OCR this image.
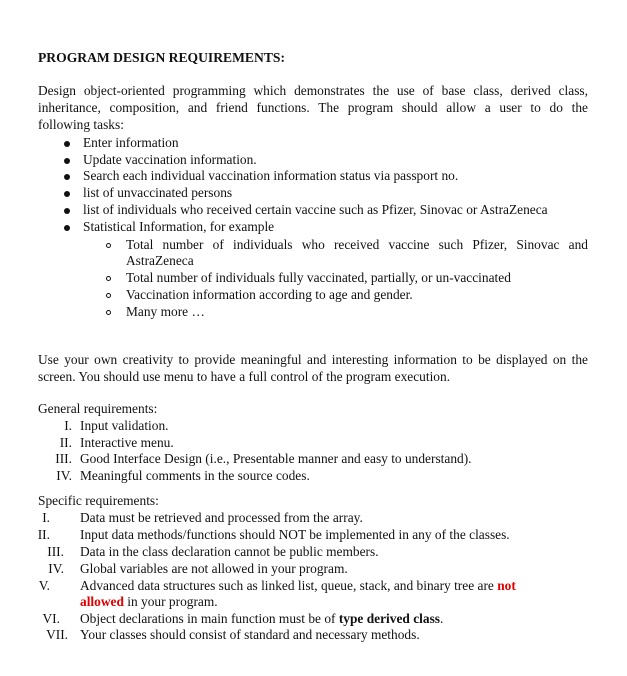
PROGRAM DESIGN REQUIREMENTS:
Design object-oriented programming which demonstrates the use of base class, derived class,
inheritance, composition, and friend functions. The program should allow a user to do the
following tasks:
Enter information
Update vaccination information.
Search each individual vaccination information status via passport no.
list of unvaccinated persons
list of individuals who received certain vaccine such as Pfizer, Sinovac or AstraZeneca
Statistical Information, for example
Total number of individuals who received vaccine such Pfizer, Sinovac and
AstraZeneca
Total number of individuals fully vaccinated, partially, or un-vaccinated
Vaccination information according to age and gender.
Many more …
Use your own creativity to provide meaningful and interesting information to be displayed on the
screen. You should use menu to have a full control of the program execution.
General requirements:
I. Input validation.
II. Interactive menu.
III. Good Interface Design (i.e., Presentable manner and easy to understand).
IV. Meaningful comments in the source codes.
Specific requirements:
I. Data must be retrieved and processed from the array.
II. Input data methods/functions should NOT be implemented in any of the classes.
III. Data in the class declaration cannot be public members.
IV. Global variables are not allowed in your program.
V. Advanced data structures such as linked list, queue, stack, and binary tree are not
allowed in your program.
VI. Object declarations in main function must be of type derived class.
VII. Your classes should consist of standard and necessary methods.
